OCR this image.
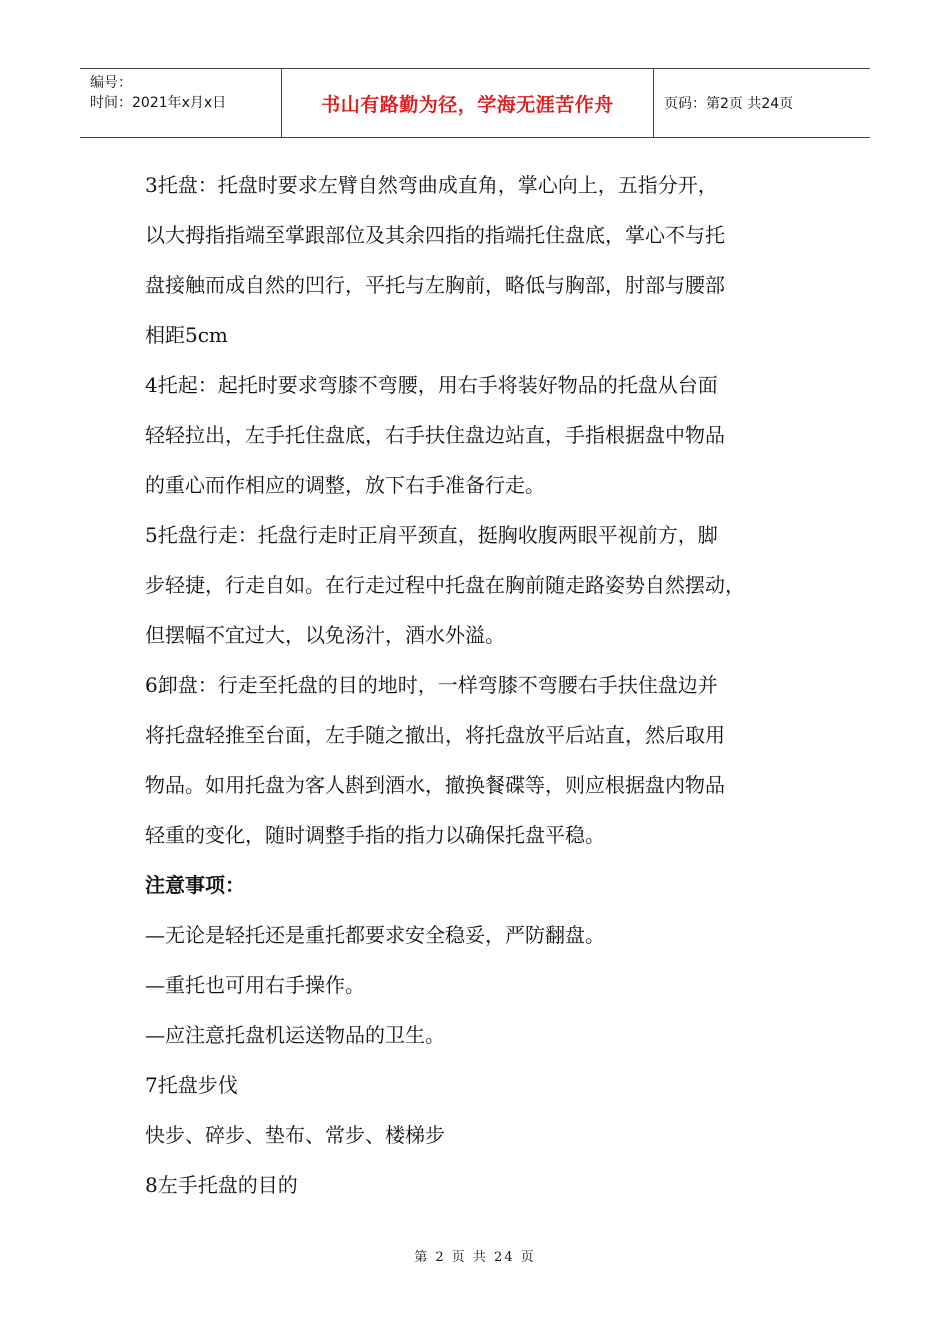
编号：
时间：2021年x月x日	书山有路勤为径，学海无涯苦作舟	页码：第2页 共24页

3托盘：托盘时要求左臂自然弯曲成直角，掌心向上，五指分开，

以大拇指指端至掌跟部位及其余四指的指端托住盘底，掌心不与托

盘接触而成自然的凹行，平托与左胸前，略低与胸部，肘部与腰部

相距5cm

4托起：起托时要求弯膝不弯腰，用右手将装好物品的托盘从台面

轻轻拉出，左手托住盘底，右手扶住盘边站直，手指根据盘中物品

的重心而作相应的调整，放下右手准备行走。

5托盘行走：托盘行走时正肩平颈直，挺胸收腹两眼平视前方，脚

步轻捷，行走自如。在行走过程中托盘在胸前随走路姿势自然摆动，

但摆幅不宜过大，以免汤汁，酒水外溢。

6卸盘：行走至托盘的目的地时，一样弯膝不弯腰右手扶住盘边并

将托盘轻推至台面，左手随之撤出，将托盘放平后站直，然后取用

物品。如用托盘为客人斟到酒水，撤换餐碟等，则应根据盘内物品

轻重的变化，随时调整手指的指力以确保托盘平稳。

注意事项：

—无论是轻托还是重托都要求安全稳妥，严防翻盘。

—重托也可用右手操作。

—应注意托盘机运送物品的卫生。

7托盘步伐

快步、碎步、垫布、常步、楼梯步

8左手托盘的目的

第 2 页 共 24 页
